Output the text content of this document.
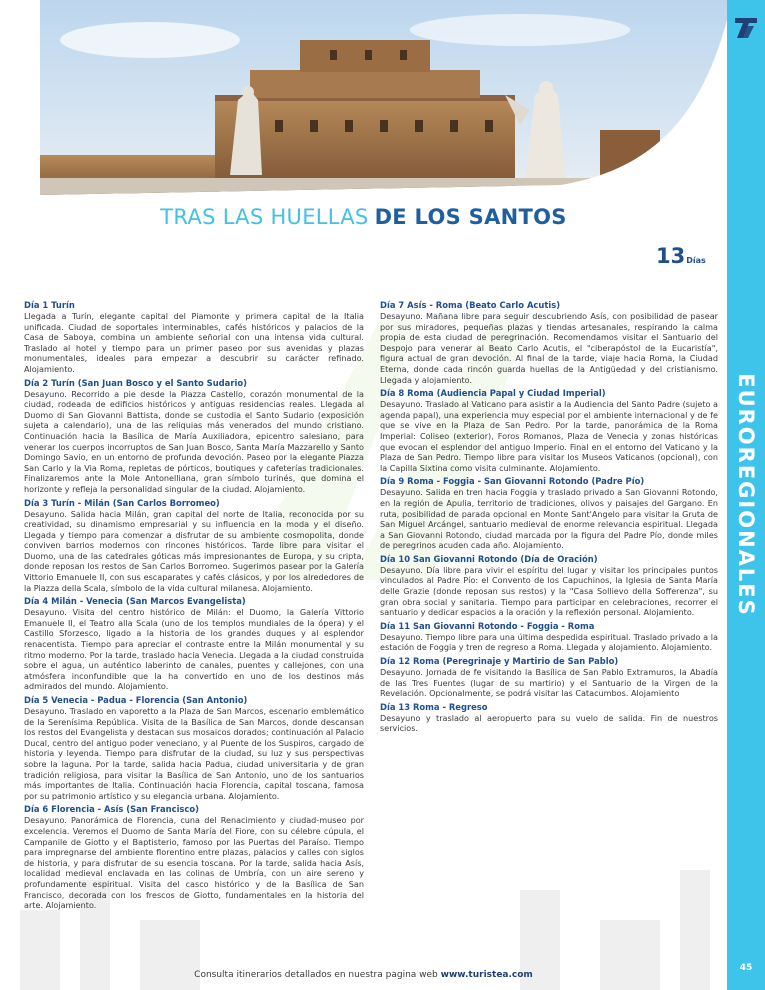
EUROREGIONALES
45
TRAS LAS HUELLAS DE LOS SANTOS
13Días
Día 1 Turín
Llegada a Turín, elegante capital del Piamonte y primera capital de la Italia unificada. Ciudad de soportales interminables, cafés históricos y palacios de la Casa de Saboya, combina un ambiente señorial con una intensa vida cultural. Traslado al hotel y tiempo para un primer paseo por sus avenidas y plazas monumentales, ideales para empezar a descubrir su carácter refinado. Alojamiento.
Día 2 Turín (San Juan Bosco y el Santo Sudario)
Desayuno. Recorrido a pie desde la Piazza Castello, corazón monumental de la ciudad, rodeada de edificios históricos y antiguas residencias reales. Llegada al Duomo di San Giovanni Battista, donde se custodia el Santo Sudario (exposición sujeta a calendario), una de las reliquias más venerados del mundo cristiano. Continuación hacia la Basílica de María Auxiliadora, epicentro salesiano, para venerar los cuerpos incorruptos de San Juan Bosco, Santa María Mazzarello y Santo Domingo Savio, en un entorno de profunda devoción. Paseo por la elegante Piazza San Carlo y la Via Roma, repletas de pórticos, boutiques y cafeterías tradicionales. Finalizaremos ante la Mole Antonelliana, gran símbolo turinés, que domina el horizonte y refleja la personalidad singular de la ciudad. Alojamiento.
Día 3 Turín - Milán (San Carlos Borromeo)
Desayuno. Salida hacia Milán, gran capital del norte de Italia, reconocida por su creatividad, su dinamismo empresarial y su influencia en la moda y el diseño. Llegada y tiempo para comenzar a disfrutar de su ambiente cosmopolita, donde conviven barrios modernos con rincones históricos. Tarde libre para visitar el Duomo, una de las catedrales góticas más impresionantes de Europa, y su cripta, donde reposan los restos de San Carlos Borromeo. Sugerimos pasear por la Galería Vittorio Emanuele II, con sus escaparates y cafés clásicos, y por los alrededores de la Piazza della Scala, símbolo de la vida cultural milanesa. Alojamiento.
Día 4 Milán - Venecia (San Marcos Evangelista)
Desayuno. Visita del centro histórico de Milán: el Duomo, la Galería Vittorio Emanuele II, el Teatro alla Scala (uno de los templos mundiales de la ópera) y el Castillo Sforzesco, ligado a la historia de los grandes duques y al esplendor renacentista. Tiempo para apreciar el contraste entre la Milán monumental y su ritmo moderno. Por la tarde, traslado hacia Venecia. Llegada a la ciudad construida sobre el agua, un auténtico laberinto de canales, puentes y callejones, con una atmósfera inconfundible que la ha convertido en uno de los destinos más admirados del mundo. Alojamiento.
Día 5 Venecia - Padua - Florencia (San Antonio)
Desayuno. Traslado en vaporetto a la Plaza de San Marcos, escenario emblemático de la Serenísima República. Visita de la Basílica de San Marcos, donde descansan los restos del Evangelista y destacan sus mosaicos dorados; continuación al Palacio Ducal, centro del antiguo poder veneciano, y al Puente de los Suspiros, cargado de historia y leyenda. Tiempo para disfrutar de la ciudad, su luz y sus perspectivas sobre la laguna. Por la tarde, salida hacia Padua, ciudad universitaria y de gran tradición religiosa, para visitar la Basílica de San Antonio, uno de los santuarios más importantes de Italia. Continuación hacia Florencia, capital toscana, famosa por su patrimonio artístico y su elegancia urbana. Alojamiento.
Día 6 Florencia - Asís (San Francisco)
Desayuno. Panorámica de Florencia, cuna del Renacimiento y ciudad-museo por excelencia. Veremos el Duomo de Santa María del Fiore, con su célebre cúpula, el Campanile de Giotto y el Baptisterio, famoso por las Puertas del Paraíso. Tiempo para impregnarse del ambiente florentino entre plazas, palacios y calles con siglos de historia, y para disfrutar de su esencia toscana. Por la tarde, salida hacia Asís, localidad medieval enclavada en las colinas de Umbría, con un aire sereno y profundamente espiritual. Visita del casco histórico y de la Basílica de San Francisco, decorada con los frescos de Giotto, fundamentales en la historia del arte. Alojamiento.
Día 7 Asís - Roma (Beato Carlo Acutis)
Desayuno. Mañana libre para seguir descubriendo Asís, con posibilidad de pasear por sus miradores, pequeñas plazas y tiendas artesanales, respirando la calma propia de esta ciudad de peregrinación. Recomendamos visitar el Santuario del Despojo para venerar al Beato Carlo Acutis, el "ciberapóstol de la Eucaristía", figura actual de gran devoción. Al final de la tarde, viaje hacia Roma, la Ciudad Eterna, donde cada rincón guarda huellas de la Antigüedad y del cristianismo. Llegada y alojamiento.
Día 8 Roma (Audiencia Papal y Ciudad Imperial)
Desayuno. Traslado al Vaticano para asistir a la Audiencia del Santo Padre (sujeto a agenda papal), una experiencia muy especial por el ambiente internacional y de fe que se vive en la Plaza de San Pedro. Por la tarde, panorámica de la Roma Imperial: Coliseo (exterior), Foros Romanos, Plaza de Venecia y zonas históricas que evocan el esplendor del antiguo Imperio. Final en el entorno del Vaticano y la Plaza de San Pedro. Tiempo libre para visitar los Museos Vaticanos (opcional), con la Capilla Sixtina como visita culminante. Alojamiento.
Día 9 Roma - Foggia - San Giovanni Rotondo (Padre Pío)
Desayuno. Salida en tren hacia Foggia y traslado privado a San Giovanni Rotondo, en la región de Apulia, territorio de tradiciones, olivos y paisajes del Gargano. En ruta, posibilidad de parada opcional en Monte Sant'Angelo para visitar la Gruta de San Miguel Arcángel, santuario medieval de enorme relevancia espiritual. Llegada a San Giovanni Rotondo, ciudad marcada por la figura del Padre Pío, donde miles de peregrinos acuden cada año. Alojamiento.
Día 10 San Giovanni Rotondo (Día de Oración)
Desayuno. Día libre para vivir el espíritu del lugar y visitar los principales puntos vinculados al Padre Pío: el Convento de los Capuchinos, la Iglesia de Santa María delle Grazie (donde reposan sus restos) y la "Casa Sollievo della Sofferenza", su gran obra social y sanitaria. Tiempo para participar en celebraciones, recorrer el santuario y dedicar espacios a la oración y la reflexión personal. Alojamiento.
Día 11 San Giovanni Rotondo - Foggia - Roma
Desayuno. Tiempo libre para una última despedida espiritual. Traslado privado a la estación de Foggia y tren de regreso a Roma. Llegada y alojamiento. Alojamiento.
Día 12 Roma (Peregrinaje y Martirio de San Pablo)
Desayuno. Jornada de fe visitando la Basílica de San Pablo Extramuros, la Abadía de las Tres Fuentes (lugar de su martirio) y el Santuario de la Virgen de la Revelación. Opcionalmente, se podrá visitar las Catacumbos. Alojamiento
Día 13 Roma - Regreso
Desayuno y traslado al aeropuerto para su vuelo de salida. Fin de nuestros servicios.
Consulta itinerarios detallados en nuestra pagina web www.turistea.com
